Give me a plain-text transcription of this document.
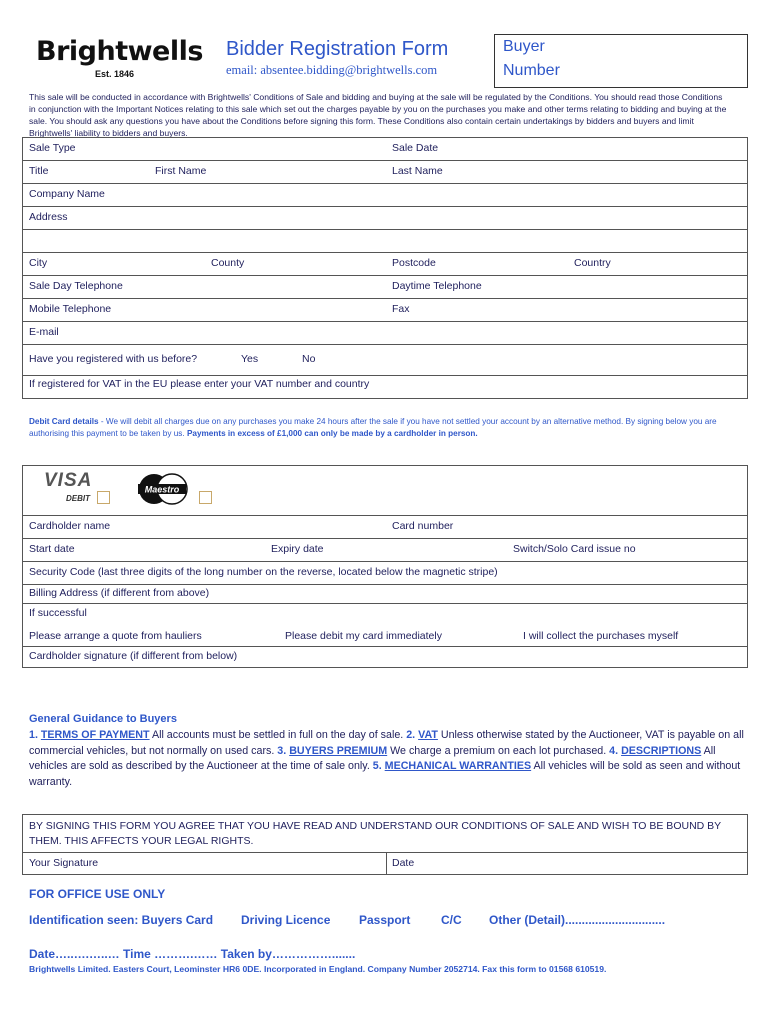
Brightwells
Est. 1846
Bidder Registration Form
email: absentee.bidding@brightwells.com
Buyer
Number
This sale will be conducted in accordance with Brightwells' Conditions of Sale and bidding and buying at the sale will be regulated by the Conditions. You should read those Conditions in conjunction with the Important Notices relating to this sale which set out the charges payable by you on the purchases you make and other terms relating to bidding and buying at the sale. You should ask any questions you have about the Conditions before signing this form. These Conditions also contain certain undertakings by bidders and buyers and limit Brightwells' liability to bidders and buyers.
Sale Type	Sale Date
Title	First Name	Last Name
Company Name
Address
City	County	Postcode	Country
Sale Day Telephone	Daytime Telephone
Mobile Telephone	Fax
E-mail
Have you registered with us before?	Yes	No
If registered for VAT in the EU please enter your VAT number and country
Debit Card details - We will debit all charges due on any purchases you make 24 hours after the sale if you have not settled your account by an alternative method. By signing below you are authorising this payment to be taken by us. Payments in excess of £1,000 can only be made by a cardholder in person.
Cardholder name	Card number
Start date	Expiry date	Switch/Solo Card issue no
Security Code (last three digits of the long number on the reverse, located below the magnetic stripe)
Billing Address (if different from above)
If successful
Please arrange a quote from hauliers	Please debit my card immediately	I will collect the purchases myself
Cardholder signature (if different from below)
VISA
DEBIT
Maestro
General Guidance to Buyers
1. TERMS OF PAYMENT All accounts must be settled in full on the day of sale. 2. VAT Unless otherwise stated by the Auctioneer, VAT is payable on all commercial vehicles, but not normally on used cars. 3. BUYERS PREMIUM We charge a premium on each lot purchased. 4. DESCRIPTIONS All vehicles are sold as described by the Auctioneer at the time of sale only. 5. MECHANICAL WARRANTIES All vehicles will be sold as seen and without warranty.
BY SIGNING THIS FORM YOU AGREE THAT YOU HAVE READ AND UNDERSTAND OUR CONDITIONS OF SALE AND WISH TO BE BOUND BY THEM. THIS AFFECTS YOUR LEGAL RIGHTS.
Your Signature	Date
FOR OFFICE USE ONLY
Identification seen: Buyers Card Driving Licence Passport	C/C Other (Detail)..............................
Date…..….…..… Time ……….…… Taken by…………….......
Brightwells Limited. Easters Court, Leominster HR6 0DE. Incorporated in England. Company Number 2052714. Fax this form to 01568 610519.
